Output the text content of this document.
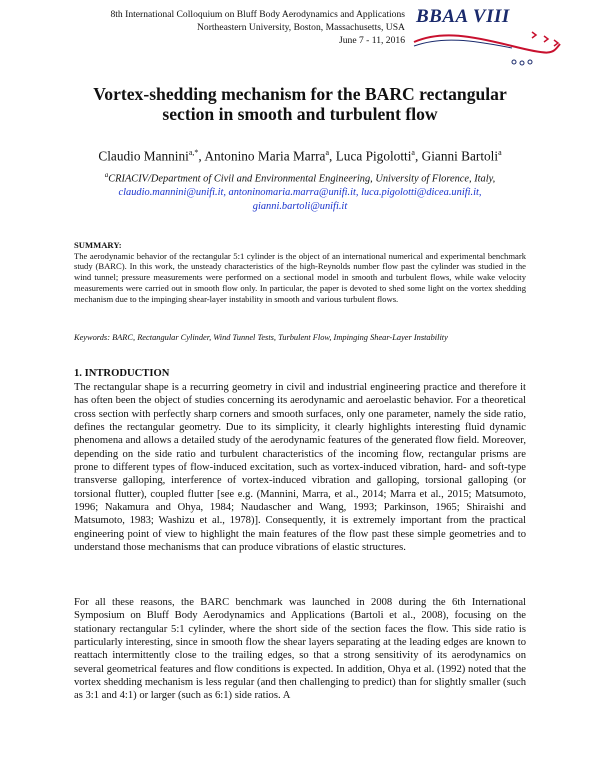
8th International Colloquium on Bluff Body Aerodynamics and Applications
Northeastern University, Boston, Massachusetts, USA
June 7 - 11, 2016
BBAA VIII
Vortex-shedding mechanism for the BARC rectangular
section in smooth and turbulent flow
Claudio Mannini$^{a,*}$, Antonino Maria Marra$^a$, Luca Pigolotti$^a$, Gianni Bartoli$^a$
$^a$CRIACIV/Department of Civil and Environmental Engineering, University of Florence, Italy,
claudio.mannini@unifi.it, antoninomaria.marra@unifi.it, luca.pigolotti@dicea.unifi.it,
gianni.bartoli@unifi.it
SUMMARY:
The aerodynamic behavior of the rectangular 5:1 cylinder is the object of an international numerical and experimental benchmark study (BARC). In this work, the unsteady characteristics of the high-Reynolds number flow past the cylinder was studied in the wind tunnel; pressure measurements were performed on a sectional model in smooth and turbulent flows, while wake velocity measurements were carried out in smooth flow only. In particular, the paper is devoted to shed some light on the vortex shedding mechanism due to the impinging shear-layer instability in smooth and various turbulent flows.
Keywords: BARC, Rectangular Cylinder, Wind Tunnel Tests, Turbulent Flow, Impinging Shear-Layer Instability
1. INTRODUCTION

The rectangular shape is a recurring geometry in civil and industrial engineering practice and therefore it has often been the object of studies concerning its aerodynamic and aeroelastic behavior. For a theoretical cross section with perfectly sharp corners and smooth surfaces, only one parameter, namely the side ratio, defines the rectangular geometry. Due to its simplicity, it clearly highlights interesting fluid dynamic phenomena and allows a detailed study of the aerodynamic features of the generated flow field. Moreover, depending on the side ratio and turbulent characteristics of the incoming flow, rectangular prisms are prone to different types of flow-induced excitation, such as vortex-induced vibration, hard- and soft-type transverse galloping, interference of vortex-induced vibration and galloping, torsional galloping (or torsional flutter), coupled flutter [see e.g. (Mannini, Marra, et al., 2014; Marra et al., 2015; Matsumoto, 1996; Nakamura and Ohya, 1984; Naudascher and Wang, 1993; Parkinson, 1965; Shiraishi and Matsumoto, 1983; Washizu et al., 1978)]. Consequently, it is extremely important from the practical engineering point of view to highlight the main features of the flow past these simple geometries and to understand those mechanisms that can produce vibrations of elastic structures.

For all these reasons, the BARC benchmark was launched in 2008 during the 6th International Symposium on Bluff Body Aerodynamics and Applications (Bartoli et al., 2008), focusing on the stationary rectangular 5:1 cylinder, where the short side of the section faces the flow. This side ratio is particularly interesting, since in smooth flow the shear layers separating at the leading edges are known to reattach intermittently close to the trailing edges, so that a strong sensitivity of its aerodynamics on several geometrical features and flow conditions is expected. In addition, Ohya et al. (1992) noted that the vortex shedding mechanism is less regular (and then challenging to predict) than for slightly smaller (such as 3:1 and 4:1) or larger (such as 6:1) side ratios. A
